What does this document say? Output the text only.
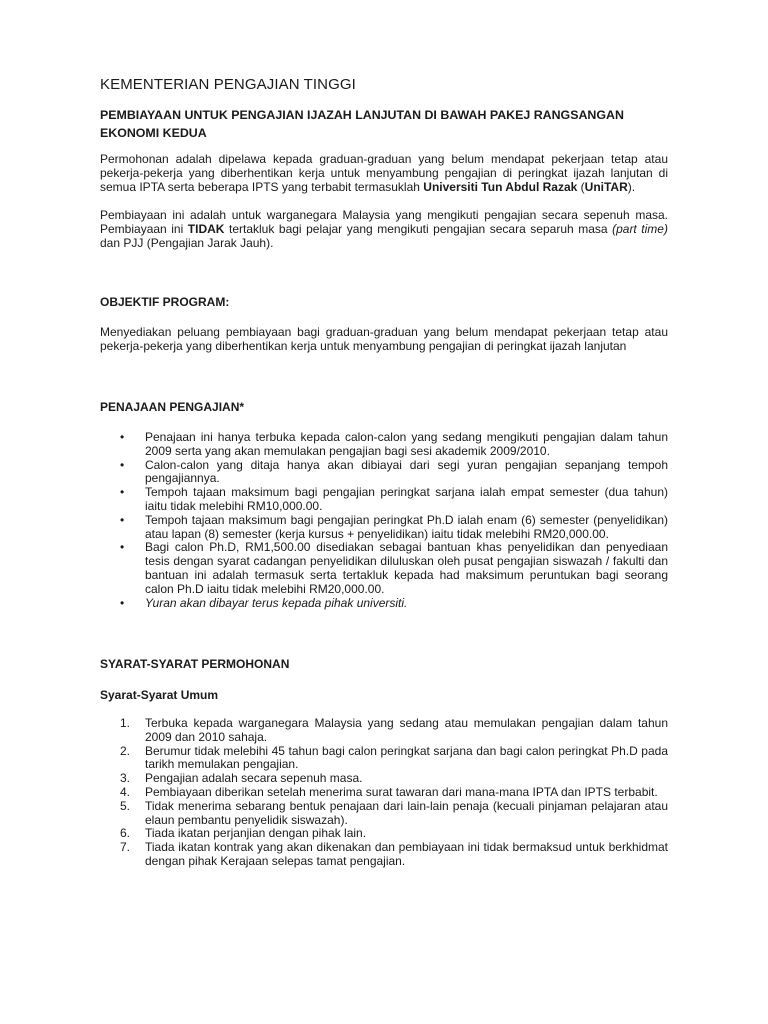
KEMENTERIAN PENGAJIAN TINGGI
PEMBIAYAAN UNTUK PENGAJIAN IJAZAH LANJUTAN DI BAWAH PAKEJ RANGSANGAN EKONOMI KEDUA

Permohonan adalah dipelawa kepada graduan-graduan yang belum mendapat pekerjaan tetap atau pekerja-pekerja yang diberhentikan kerja untuk menyambung pengajian di peringkat ijazah lanjutan di semua IPTA serta beberapa IPTS yang terbabit termasuklah Universiti Tun Abdul Razak (UniTAR).

Pembiayaan ini adalah untuk warganegara Malaysia yang mengikuti pengajian secara sepenuh masa. Pembiayaan ini TIDAK tertakluk bagi pelajar yang mengikuti pengajian secara separuh masa (part time) dan PJJ (Pengajian Jarak Jauh).

OBJEKTIF PROGRAM:

Menyediakan peluang pembiayaan bagi graduan-graduan yang belum mendapat pekerjaan tetap atau pekerja-pekerja yang diberhentikan kerja untuk menyambung pengajian di peringkat ijazah lanjutan

PENAJAAN PENGAJIAN*
• Penajaan ini hanya terbuka kepada calon-calon yang sedang mengikuti pengajian dalam tahun 2009 serta yang akan memulakan pengajian bagi sesi akademik 2009/2010.
• Calon-calon yang ditaja hanya akan dibiayai dari segi yuran pengajian sepanjang tempoh pengajiannya.
• Tempoh tajaan maksimum bagi pengajian peringkat sarjana ialah empat semester (dua tahun) iaitu tidak melebihi RM10,000.00.
• Tempoh tajaan maksimum bagi pengajian peringkat Ph.D ialah enam (6) semester (penyelidikan) atau lapan (8) semester (kerja kursus + penyelidikan) iaitu tidak melebihi RM20,000.00.
• Bagi calon Ph.D, RM1,500.00 disediakan sebagai bantuan khas penyelidikan dan penyediaan tesis dengan syarat cadangan penyelidikan diluluskan oleh pusat pengajian siswazah / fakulti dan bantuan ini adalah termasuk serta tertakluk kepada had maksimum peruntukan bagi seorang calon Ph.D iaitu tidak melebihi RM20,000.00.
• Yuran akan dibayar terus kepada pihak universiti.
SYARAT-SYARAT PERMOHONAN
Syarat-Syarat Umum
1. Terbuka kepada warganegara Malaysia yang sedang atau memulakan pengajian dalam tahun 2009 dan 2010 sahaja.
2. Berumur tidak melebihi 45 tahun bagi calon peringkat sarjana dan bagi calon peringkat Ph.D pada tarikh memulakan pengajian.
3. Pengajian adalah secara sepenuh masa.
4. Pembiayaan diberikan setelah menerima surat tawaran dari mana-mana IPTA dan IPTS terbabit.
5. Tidak menerima sebarang bentuk penajaan dari lain-lain penaja (kecuali pinjaman pelajaran atau elaun pembantu penyelidik siswazah).
6. Tiada ikatan perjanjian dengan pihak lain.
7. Tiada ikatan kontrak yang akan dikenakan dan pembiayaan ini tidak bermaksud untuk berkhidmat dengan pihak Kerajaan selepas tamat pengajian.
